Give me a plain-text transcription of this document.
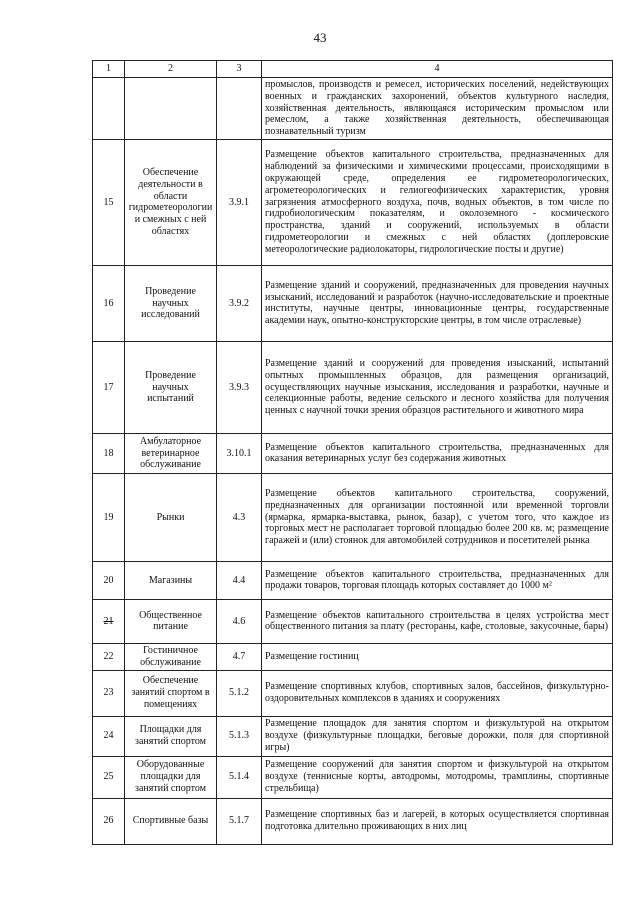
43
1	2	3	4
			промыслов, производств и ремесел, исторических поселений, недействующих военных и гражданских захоронений, объектов культурного наследия, хозяйственная деятельность, являющаяся историческим промыслом или ремеслом, а также хозяйственная деятельность, обеспечивающая познавательный туризм
15	Обеспечение деятельности в области гидрометеорологии и смежных с ней областях	3.9.1	Размещение объектов капитального строительства, предназначенных для наблюдений за физическими и химическими процессами, происходящими в окружающей среде, определения ее гидрометеорологических, агрометеорологических и гелиогеофизических характеристик, уровня загрязнения атмосферного воздуха, почв, водных объектов, в том числе по гидробиологическим показателям, и околоземного - космического пространства, зданий и сооружений, используемых в области гидрометеорологии и смежных с ней областях (доплеровские метеорологические радиолокаторы, гидрологические посты и другие)
16	Проведение научных исследований	3.9.2	Размещение зданий и сооружений, предназначенных для проведения научных изысканий, исследований и разработок (научно-исследовательские и проектные институты, научные центры, инновационные центры, государственные академии наук, опытно-конструкторские центры, в том числе отраслевые)
17	Проведение научных испытаний	3.9.3	Размещение зданий и сооружений для проведения изысканий, испытаний опытных промышленных образцов, для размещения организаций, осуществляющих научные изыскания, исследования и разработки, научные и селекционные работы, ведение сельского и лесного хозяйства для получения ценных с научной точки зрения образцов растительного и животного мира
18	Амбулаторное ветеринарное обслуживание	3.10.1	Размещение объектов капитального строительства, предназначенных для оказания ветеринарных услуг без содержания животных
19	Рынки	4.3	Размещение объектов капитального строительства, сооружений, предназначенных для организации постоянной или временной торговли (ярмарка, ярмарка-выставка, рынок, базар), с учетом того, что каждое из торговых мест не располагает торговой площадью более 200 кв. м; размещение гаражей и (или) стоянок для автомобилей сотрудников и посетителей рынка
20	Магазины	4.4	Размещение объектов капитального строительства, предназначенных для продажи товаров, торговая площадь которых составляет до 1000 м²
21	Общественное питание	4.6	Размещение объектов капитального строительства в целях устройства мест общественного питания за плату (рестораны, кафе, столовые, закусочные, бары)
22	Гостиничное обслуживание	4.7	Размещение гостиниц
23	Обеспечение занятий спортом в помещениях	5.1.2	Размещение спортивных клубов, спортивных залов, бассейнов, физкультурно-оздоровительных комплексов в зданиях и сооружениях
24	Площадки для занятий спортом	5.1.3	Размещение площадок для занятия спортом и физкультурой на открытом воздухе (физкультурные площадки, беговые дорожки, поля для спортивной игры)
25	Оборудованные площадки для занятий спортом	5.1.4	Размещение сооружений для занятия спортом и физкультурой на открытом воздухе (теннисные корты, автодромы, мотодромы, трамплины, спортивные стрельбища)
26	Спортивные базы	5.1.7	Размещение спортивных баз и лагерей, в которых осуществляется спортивная подготовка длительно проживающих в них лиц
